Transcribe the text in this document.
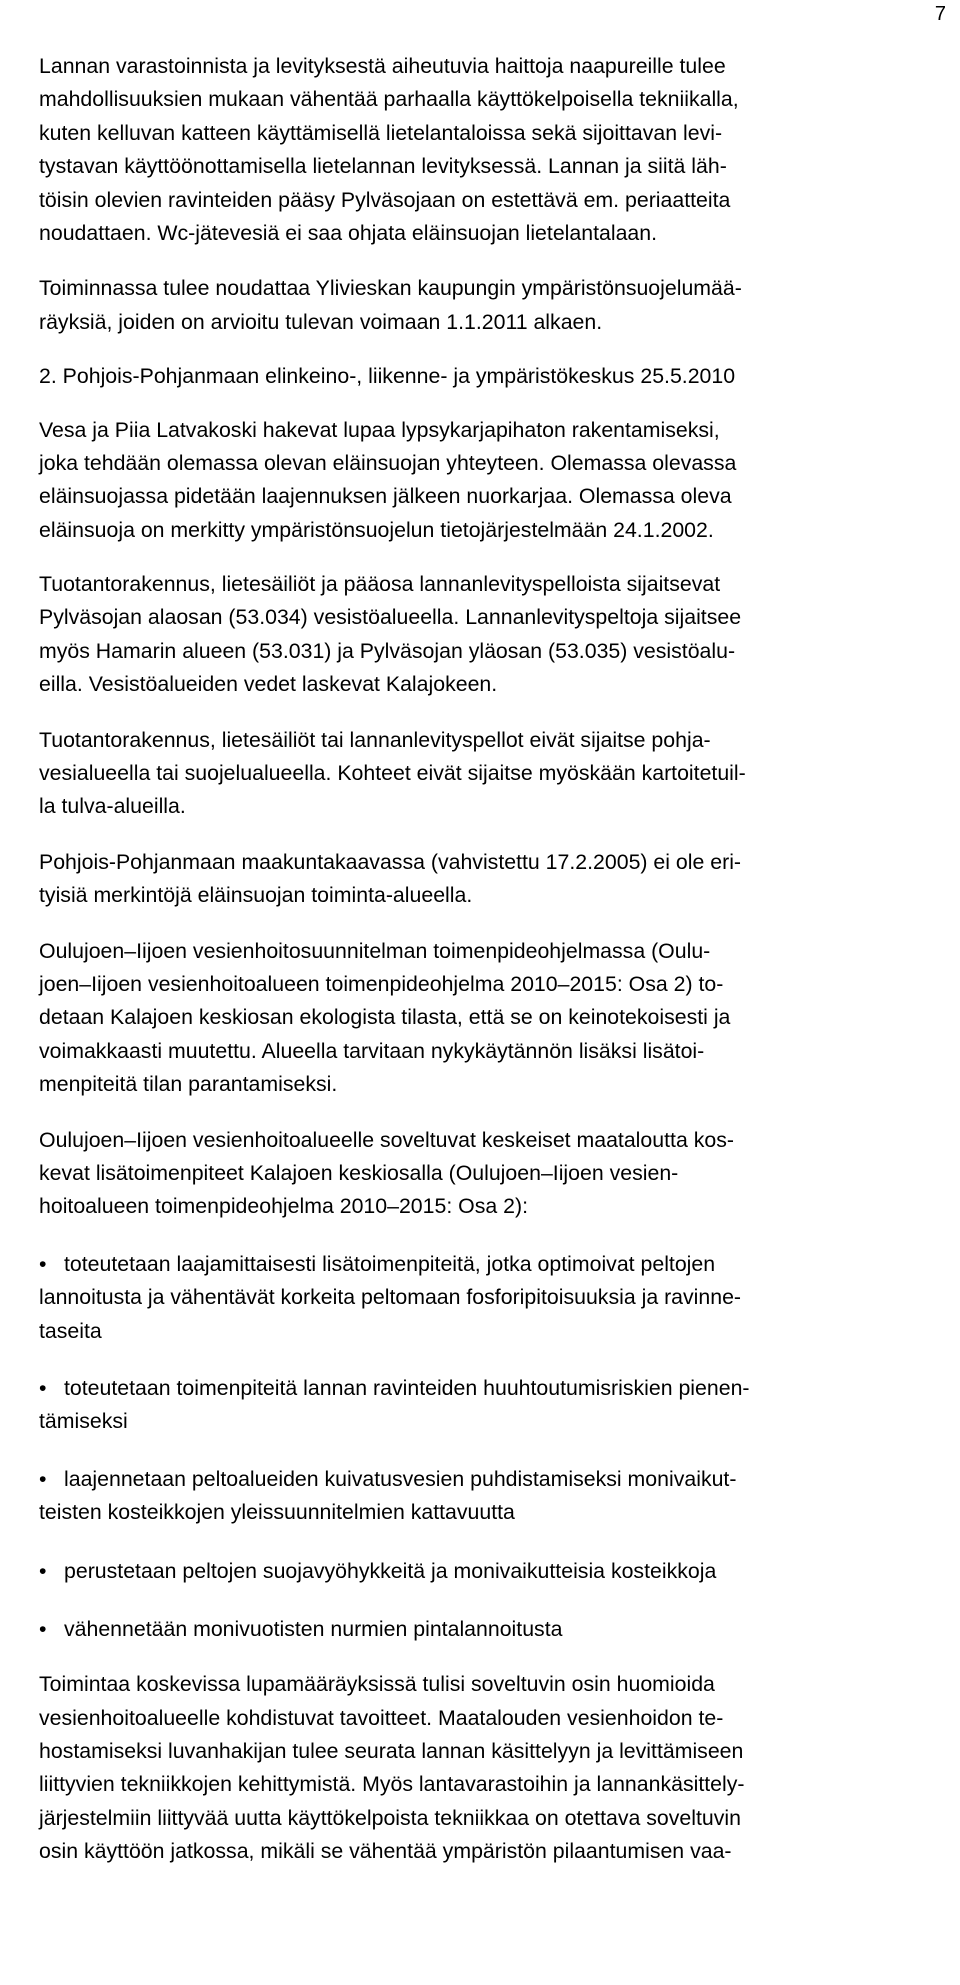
7
Lannan varastoinnista ja levityksestä aiheutuvia haittoja naapureille tulee
mahdollisuuksien mukaan vähentää parhaalla käyttökelpoisella tekniikalla,
kuten kelluvan katteen käyttämisellä lietelantaloissa sekä sijoittavan levi-
tystavan käyttöönottamisella lietelannan levityksessä. Lannan ja siitä läh-
töisin olevien ravinteiden pääsy Pylväsojaan on estettävä em. periaatteita
noudattaen. Wc-jätevesiä ei saa ohjata eläinsuojan lietelantalaan.
Toiminnassa tulee noudattaa Ylivieskan kaupungin ympäristönsuojelumää-
räyksiä, joiden on arvioitu tulevan voimaan 1.1.2011 alkaen.
2. Pohjois-Pohjanmaan elinkeino-, liikenne- ja ympäristökeskus 25.5.2010
Vesa ja Piia Latvakoski hakevat lupaa lypsykarjapihaton rakentamiseksi,
joka tehdään olemassa olevan eläinsuojan yhteyteen. Olemassa olevassa
eläinsuojassa pidetään laajennuksen jälkeen nuorkarjaa. Olemassa oleva
eläinsuoja on merkitty ympäristönsuojelun tietojärjestelmään 24.1.2002.
Tuotantorakennus, lietesäiliöt ja pääosa lannanlevityspelloista sijaitsevat
Pylväsojan alaosan (53.034) vesistöalueella. Lannanlevityspeltoja sijaitsee
myös Hamarin alueen (53.031) ja Pylväsojan yläosan (53.035) vesistöalu-
eilla. Vesistöalueiden vedet laskevat Kalajokeen.
Tuotantorakennus, lietesäiliöt tai lannanlevityspellot eivät sijaitse pohja-
vesialueella tai suojelualueella. Kohteet eivät sijaitse myöskään kartoitetuil-
la tulva-alueilla.
Pohjois-Pohjanmaan maakuntakaavassa (vahvistettu 17.2.2005) ei ole eri-
tyisiä merkintöjä eläinsuojan toiminta-alueella.
Oulujoen–Iijoen vesienhoitosuunnitelman toimenpideohjelmassa (Oulu-
joen–Iijoen vesienhoitoalueen toimenpideohjelma 2010–2015: Osa 2) to-
detaan Kalajoen keskiosan ekologista tilasta, että se on keinotekoisesti ja
voimakkaasti muutettu. Alueella tarvitaan nykykäytännön lisäksi lisätoi-
menpiteitä tilan parantamiseksi.
Oulujoen–Iijoen vesienhoitoalueelle soveltuvat keskeiset maataloutta kos-
kevat lisätoimenpiteet Kalajoen keskiosalla (Oulujoen–Iijoen vesien-
hoitoalueen toimenpideohjelma 2010–2015: Osa 2):
• toteutetaan laajamittaisesti lisätoimenpiteitä, jotka optimoivat peltojen
lannoitusta ja vähentävät korkeita peltomaan fosforipitoisuuksia ja ravinne-
taseita
• toteutetaan toimenpiteitä lannan ravinteiden huuhtoutumisriskien pienen-
tämiseksi
• laajennetaan peltoalueiden kuivatusvesien puhdistamiseksi monivaikut-
teisten kosteikkojen yleissuunnitelmien kattavuutta
• perustetaan peltojen suojavyöhykkeitä ja monivaikutteisia kosteikkoja
• vähennetään monivuotisten nurmien pintalannoitusta
Toimintaa koskevissa lupamääräyksissä tulisi soveltuvin osin huomioida
vesienhoitoalueelle kohdistuvat tavoitteet. Maatalouden vesienhoidon te-
hostamiseksi luvanhakijan tulee seurata lannan käsittelyyn ja levittämiseen
liittyvien tekniikkojen kehittymistä. Myös lantavarastoihin ja lannankäsittely-
järjestelmiin liittyvää uutta käyttökelpoista tekniikkaa on otettava soveltuvin
osin käyttöön jatkossa, mikäli se vähentää ympäristön pilaantumisen vaa-
